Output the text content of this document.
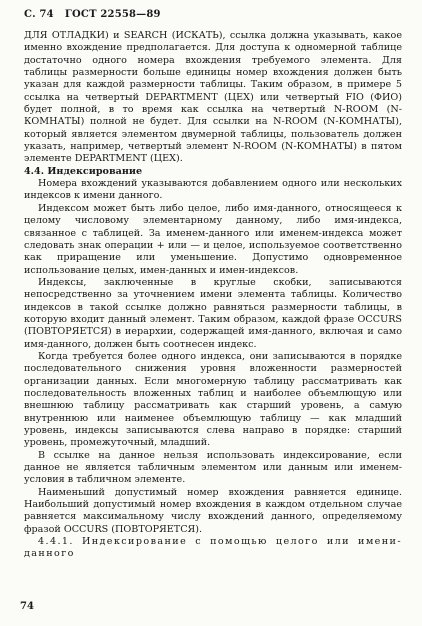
С. 74 ГОСТ 22558—89

ДЛЯ ОТЛАДКИ) и SEARCH (ИСКАТЬ), ссылка должна указывать, какое именно вхождение предполагается. Для доступа к одномерной таблице достаточно одного номера вхождения требуемого элемента. Для таблицы размерности больше единицы номер вхождения должен быть указан для каждой размерности таблицы. Таким образом, в примере 5 ссылка на четвертый DEPARTMENT (ЦЕХ) или четвертый FIO (ФИО) будет полной, в то время как ссылка на четвертый N-ROOM (N-КОМНАТЫ) полной не будет. Для ссылки на N-ROOM (N-КОМНАТЫ), который является элементом двумерной таблицы, пользователь должен указать, например, четвертый элемент N-ROOM (N-КОМНАТЫ) в пятом элементе DEPARTMENT (ЦЕХ).

4.4. Индексирование

Номера вхождений указываются добавлением одного или нескольких индексов к имени данного.

Индексом может быть либо целое, либо имя-данного, относящееся к целому числовому элементарному данному, либо имя-индекса, связанное с таблицей. За именем-данного или именем-индекса может следовать знак операции + или — и целое, используемое соответственно как приращение или уменьшение. Допустимо одновременное использование целых, имен-данных и имен-индексов.

Индексы, заключенные в круглые скобки, записываются непосредственно за уточнением имени элемента таблицы. Количество индексов в такой ссылке должно равняться размерности таблицы, в которую входит данный элемент. Таким образом, каждой фразе OCCURS (ПОВТОРЯЕТСЯ) в иерархии, содержащей имя-данного, включая и само имя-данного, должен быть соотнесен индекс.

Когда требуется более одного индекса, они записываются в порядке последовательного снижения уровня вложенности размерностей организации данных. Если многомерную таблицу рассматривать как последовательность вложенных таблиц и наиболее объемлющую или внешнюю таблицу рассматривать как старший уровень, а самую внутреннюю или наименее объемлющую таблицу — как младший уровень, индексы записываются слева направо в порядке: старший уровень, промежуточный, младший.

В ссылке на данное нельзя использовать индексирование, если данное не является табличным элементом или данным или именем-условия в табличном элементе.

Наименьший допустимый номер вхождения равняется единице. Наибольший допустимый номер вхождения в каждом отдельном случае равняется максимальному числу вхождений данного, определяемому фразой OCCURS (ПОВТОРЯЕТСЯ).

4.4.1. Индексирование с помощью целого или имени-данного

74
